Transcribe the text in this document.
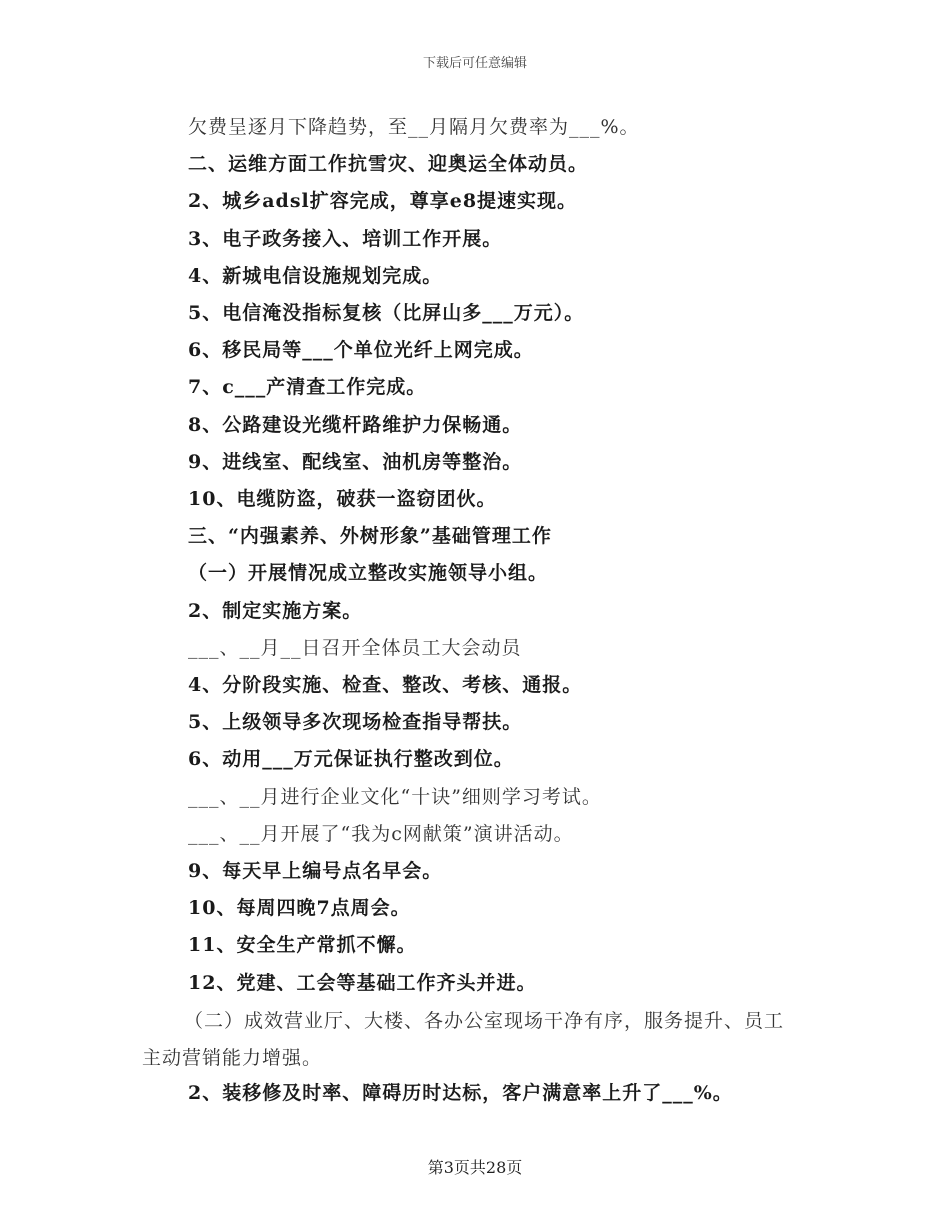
下载后可任意编辑
欠费呈逐月下降趋势，至__月隔月欠费率为___%。
二、运维方面工作抗雪灾、迎奥运全体动员。
2、城乡adsl扩容完成，尊享e8提速实现。
3、电子政务接入、培训工作开展。
4、新城电信设施规划完成。
5、电信淹没指标复核（比屏山多___万元）。
6、移民局等___个单位光纤上网完成。
7、c___产清查工作完成。
8、公路建设光缆杆路维护力保畅通。
9、进线室、配线室、油机房等整治。
10、电缆防盗，破获一盗窃团伙。
三、“内强素养、外树形象”基础管理工作
（一）开展情况成立整改实施领导小组。
2、制定实施方案。
___、__月__日召开全体员工大会动员
4、分阶段实施、检查、整改、考核、通报。
5、上级领导多次现场检查指导帮扶。
6、动用___万元保证执行整改到位。
___、__月进行企业文化“十诀”细则学习考试。
___、__月开展了“我为c网献策”演讲活动。
9、每天早上编号点名早会。
10、每周四晚7点周会。
11、安全生产常抓不懈。
12、党建、工会等基础工作齐头并进。
（二）成效营业厅、大楼、各办公室现场干净有序，服务提升、员工主动营销能力增强。
2、装移修及时率、障碍历时达标，客户满意率上升了___%。
第3页共28页
